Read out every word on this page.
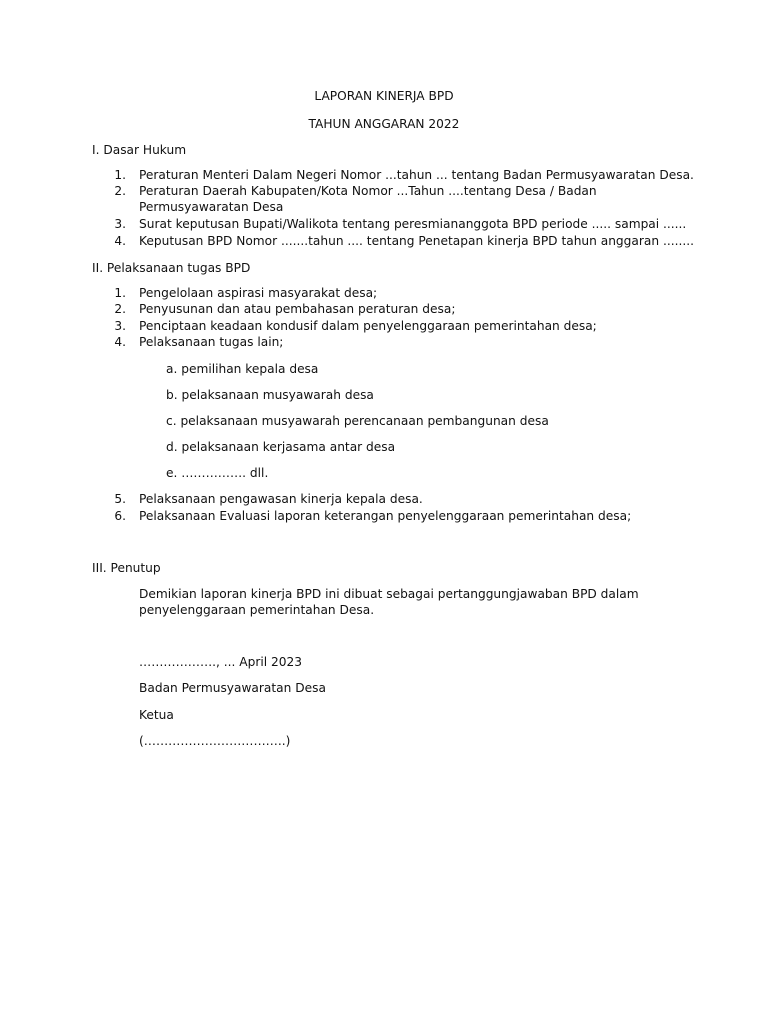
LAPORAN KINERJA BPD
TAHUN ANGGARAN 2022
I. Dasar Hukum
1. Peraturan Menteri Dalam Negeri Nomor ...tahun ... tentang Badan Permusyawaratan Desa.
2. Peraturan Daerah Kabupaten/Kota Nomor ...Tahun ....tentang Desa / Badan
Permusyawaratan Desa
3. Surat keputusan Bupati/Walikota tentang peresmiananggota BPD periode ..... sampai ......
4. Keputusan BPD Nomor .......tahun .... tentang Penetapan kinerja BPD tahun anggaran ........
II. Pelaksanaan tugas BPD
1. Pengelolaan aspirasi masyarakat desa;
2. Penyusunan dan atau pembahasan peraturan desa;
3. Penciptaan keadaan kondusif dalam penyelenggaraan pemerintahan desa;
4. Pelaksanaan tugas lain;
a. pemilihan kepala desa
b. pelaksanaan musyawarah desa
c. pelaksanaan musyawarah perencanaan pembangunan desa
d. pelaksanaan kerjasama antar desa
e. ……………. dll.
5. Pelaksanaan pengawasan kinerja kepala desa.
6. Pelaksanaan Evaluasi laporan keterangan penyelenggaraan pemerintahan desa;
III. Penutup
Demikian laporan kinerja BPD ini dibuat sebagai pertanggungjawaban BPD dalam
penyelenggaraan pemerintahan Desa.
………………., ... April 2023
Badan Permusyawaratan Desa
Ketua
(……………………………..)
